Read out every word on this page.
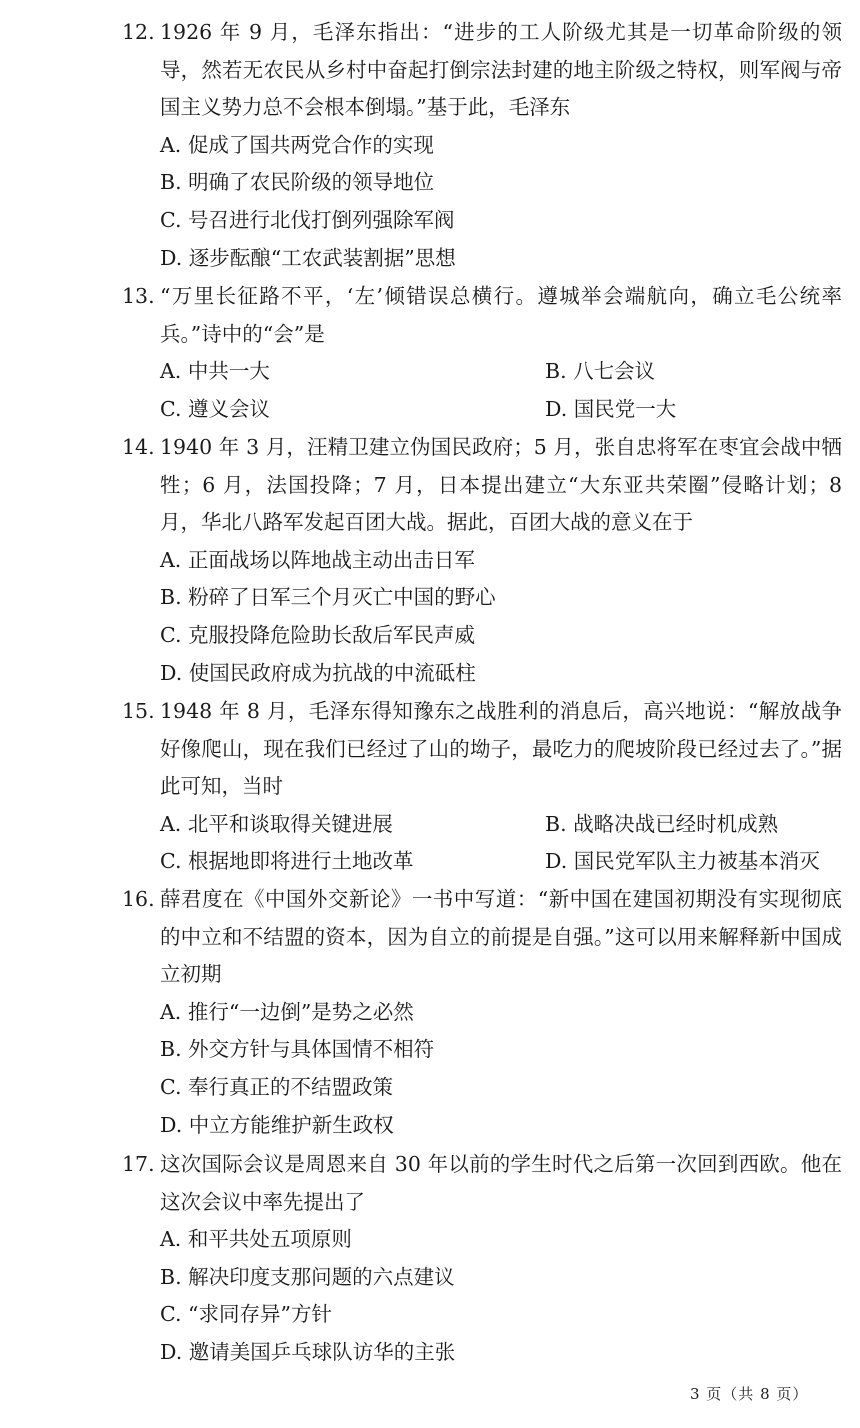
12. 1926 年 9 月，毛泽东指出：“进步的工人阶级尤其是一切革命阶级的领导，然若无农民从乡村中奋起打倒宗法封建的地主阶级之特权，则军阀与帝国主义势力总不会根本倒塌。”基于此，毛泽东
A. 促成了国共两党合作的实现
B. 明确了农民阶级的领导地位
C. 号召进行北伐打倒列强除军阀
D. 逐步酝酿“工农武装割据”思想
13. “万里长征路不平，‘左’倾错误总横行。遵城举会端航向，确立毛公统率兵。”诗中的“会”是
A. 中共一大	B. 八七会议
C. 遵义会议	D. 国民党一大
14. 1940 年 3 月，汪精卫建立伪国民政府；5 月，张自忠将军在枣宜会战中牺牲；6 月，法国投降；7 月，日本提出建立“大东亚共荣圈”侵略计划；8 月，华北八路军发起百团大战。据此，百团大战的意义在于
A. 正面战场以阵地战主动出击日军
B. 粉碎了日军三个月灭亡中国的野心
C. 克服投降危险助长敌后军民声威
D. 使国民政府成为抗战的中流砥柱
15. 1948 年 8 月，毛泽东得知豫东之战胜利的消息后，高兴地说：“解放战争好像爬山，现在我们已经过了山的坳子，最吃力的爬坡阶段已经过去了。”据此可知，当时
A. 北平和谈取得关键进展	B. 战略决战已经时机成熟
C. 根据地即将进行土地改革	D. 国民党军队主力被基本消灭
16. 薛君度在《中国外交新论》一书中写道：“新中国在建国初期没有实现彻底的中立和不结盟的资本，因为自立的前提是自强。”这可以用来解释新中国成立初期
A. 推行“一边倒”是势之必然
B. 外交方针与具体国情不相符
C. 奉行真正的不结盟政策
D. 中立方能维护新生政权
17. 这次国际会议是周恩来自 30 年以前的学生时代之后第一次回到西欧。他在这次会议中率先提出了
A. 和平共处五项原则
B. 解决印度支那问题的六点建议
C. “求同存异”方针
D. 邀请美国乒乓球队访华的主张
3 页（共 8 页）
